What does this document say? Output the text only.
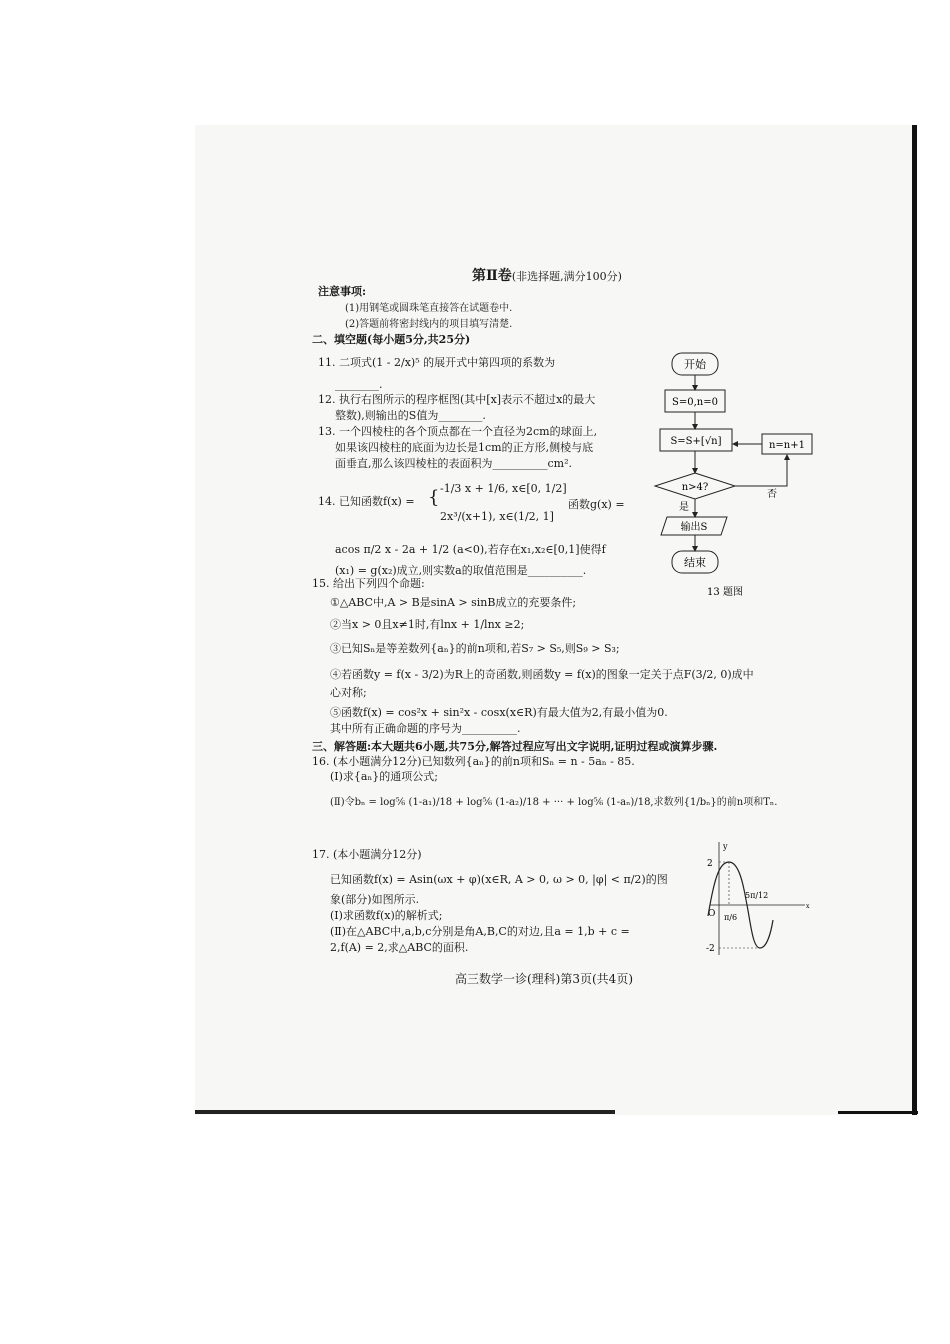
第Ⅱ卷(非选择题,满分100分)
注意事项:
(1)用钢笔或圆珠笔直接答在试题卷中.
(2)答题前将密封线内的项目填写清楚.
二、填空题(每小题5分,共25分)
11. 二项式(1 - 2/x)⁵ 的展开式中第四项的系数为
________.
12. 执行右图所示的程序框图(其中[x]表示不超过x的最大
整数),则输出的S值为________.
13. 一个四棱柱的各个顶点都在一个直径为2cm的球面上,
如果该四棱柱的底面为边长是1cm的正方形,侧棱与底
面垂直,那么该四棱柱的表面积为__________cm².
14. 已知函数f(x) = { -1/3 x + 1/6, x∈[0, 1/2]
2x³/(x+1), x∈(1/2, 1]
函数g(x) =
acos π/2 x - 2a + 1/2 (a<0),若存在x₁,x₂∈[0,1]使得f
(x₁) = g(x₂)成立,则实数a的取值范围是__________.
15. 给出下列四个命题:
①△ABC中,A > B是sinA > sinB成立的充要条件;
②当x > 0且x≠1时,有lnx + 1/lnx ≥2;
③已知Sₙ是等差数列{aₙ}的前n项和,若S₇ > S₅,则S₉ > S₃;
④若函数y = f(x - 3/2)为R上的奇函数,则函数y = f(x)的图象一定关于点F(3/2, 0)成中
心对称;
⑤函数f(x) = cos²x + sin²x - cosx(x∈R)有最大值为2,有最小值为0.
其中所有正确命题的序号为__________.
三、解答题:本大题共6小题,共75分,解答过程应写出文字说明,证明过程或演算步骤.
16. (本小题满分12分)已知数列{aₙ}的前n项和Sₙ = n - 5aₙ - 85.
(Ⅰ)求{aₙ}的通项公式;
(Ⅱ)令bₙ = log⅚ (1-a₁)/18 + log⅚ (1-a₂)/18 + ··· + log⅚ (1-aₙ)/18,求数列{1/bₙ}的前n项和Tₙ.
17. (本小题满分12分)
已知函数f(x) = Asin(ωx + φ)(x∈R, A > 0, ω > 0, |φ| < π/2)的图
象(部分)如图所示.
(Ⅰ)求函数f(x)的解析式;
(Ⅱ)在△ABC中,a,b,c分别是角A,B,C的对边,且a = 1,b + c =
2,f(A) = 2,求△ABC的面积.
开始
S=0,n=0
S=S+[√n]	n=n+1
n>4?
否
是
输出S
结束
13 题图
y
x
2
-2
O π/6
5π/12
高三数学一诊(理科)第3页(共4页)
